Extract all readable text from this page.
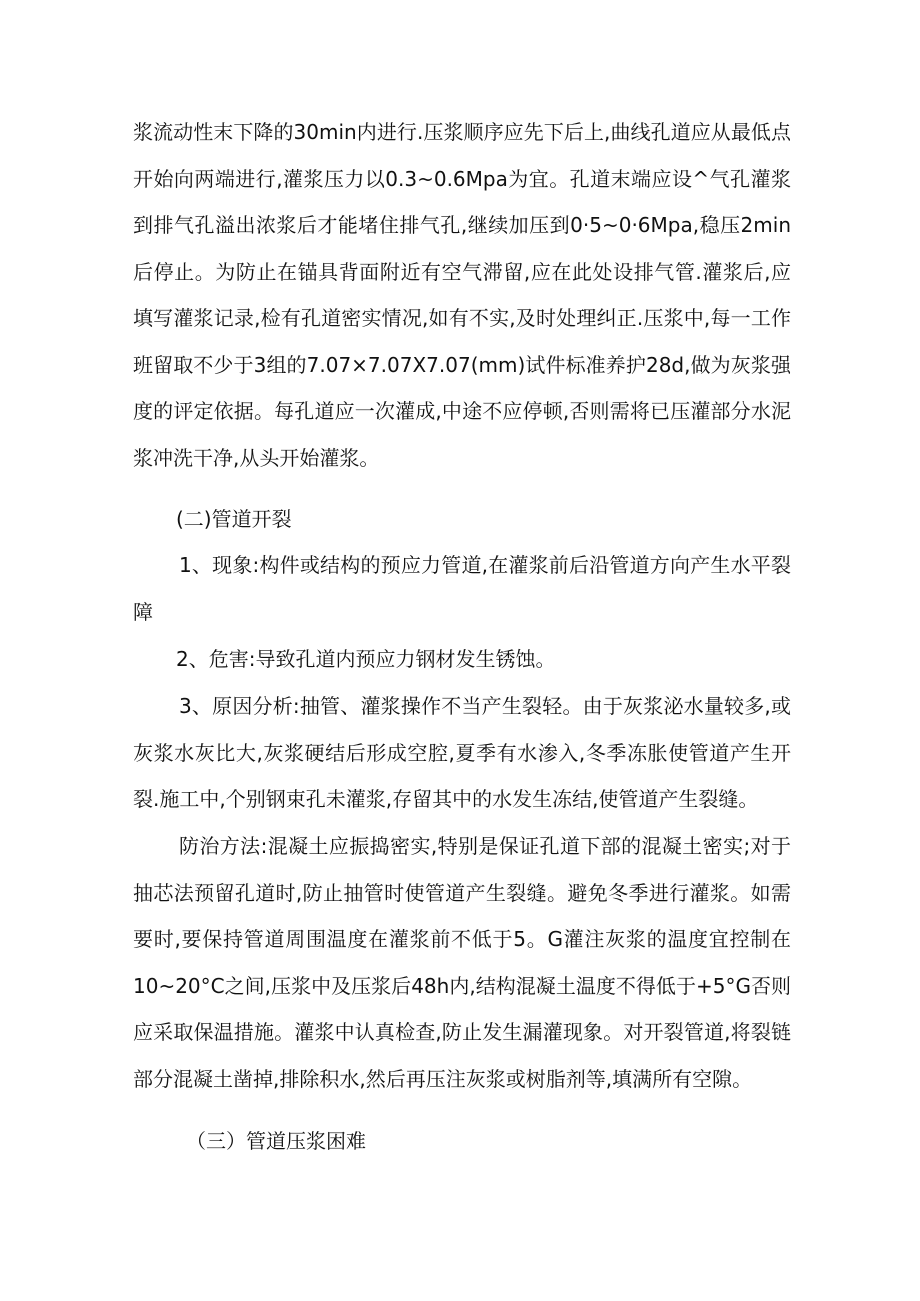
浆流动性末下降的30min内进行.压浆顺序应先下后上,曲线孔道应从最低点开始向两端进行,灌浆压力以0.3~0.6Mpa为宜。孔道末端应设^气孔灌浆到排气孔溢出浓浆后才能堵住排气孔,继续加压到0·5~0·6Mpa,稳压2min后停止。为防止在锚具背面附近有空气滞留,应在此处设排气管.灌浆后,应填写灌浆记录,检有孔道密实情况,如有不实,及时处理纠正.压浆中,每一工作班留取不少于3组的7.07×7.07X7.07(mm)试件标准养护28d,做为灰浆强度的评定依据。每孔道应一次灌成,中途不应停顿,否则需将已压灌部分水泥浆冲洗干净,从头开始灌浆。

(二)管道开裂

1、现象:构件或结构的预应力管道,在灌浆前后沿管道方向产生水平裂障

2、危害:导致孔道内预应力钢材发生锈蚀。

3、原因分析:抽管、灌浆操作不当产生裂轻。由于灰浆泌水量较多,或灰浆水灰比大,灰浆硬结后形成空腔,夏季有水渗入,冬季冻胀使管道产生开裂.施工中,个别钢束孔未灌浆,存留其中的水发生冻结,使管道产生裂缝。

防治方法:混凝土应振捣密实,特别是保证孔道下部的混凝土密实;对于抽芯法预留孔道时,防止抽管时使管道产生裂缝。避免冬季进行灌浆。如需要时,要保持管道周围温度在灌浆前不低于5。G灌注灰浆的温度宜控制在10~20°C之间,压浆中及压浆后48h内,结构混凝土温度不得低于+5°G否则应采取保温措施。灌浆中认真检查,防止发生漏灌现象。对开裂管道,将裂链部分混凝土凿掉,排除积水,然后再压注灰浆或树脂剂等,填满所有空隙。

（三）管道压浆困难
